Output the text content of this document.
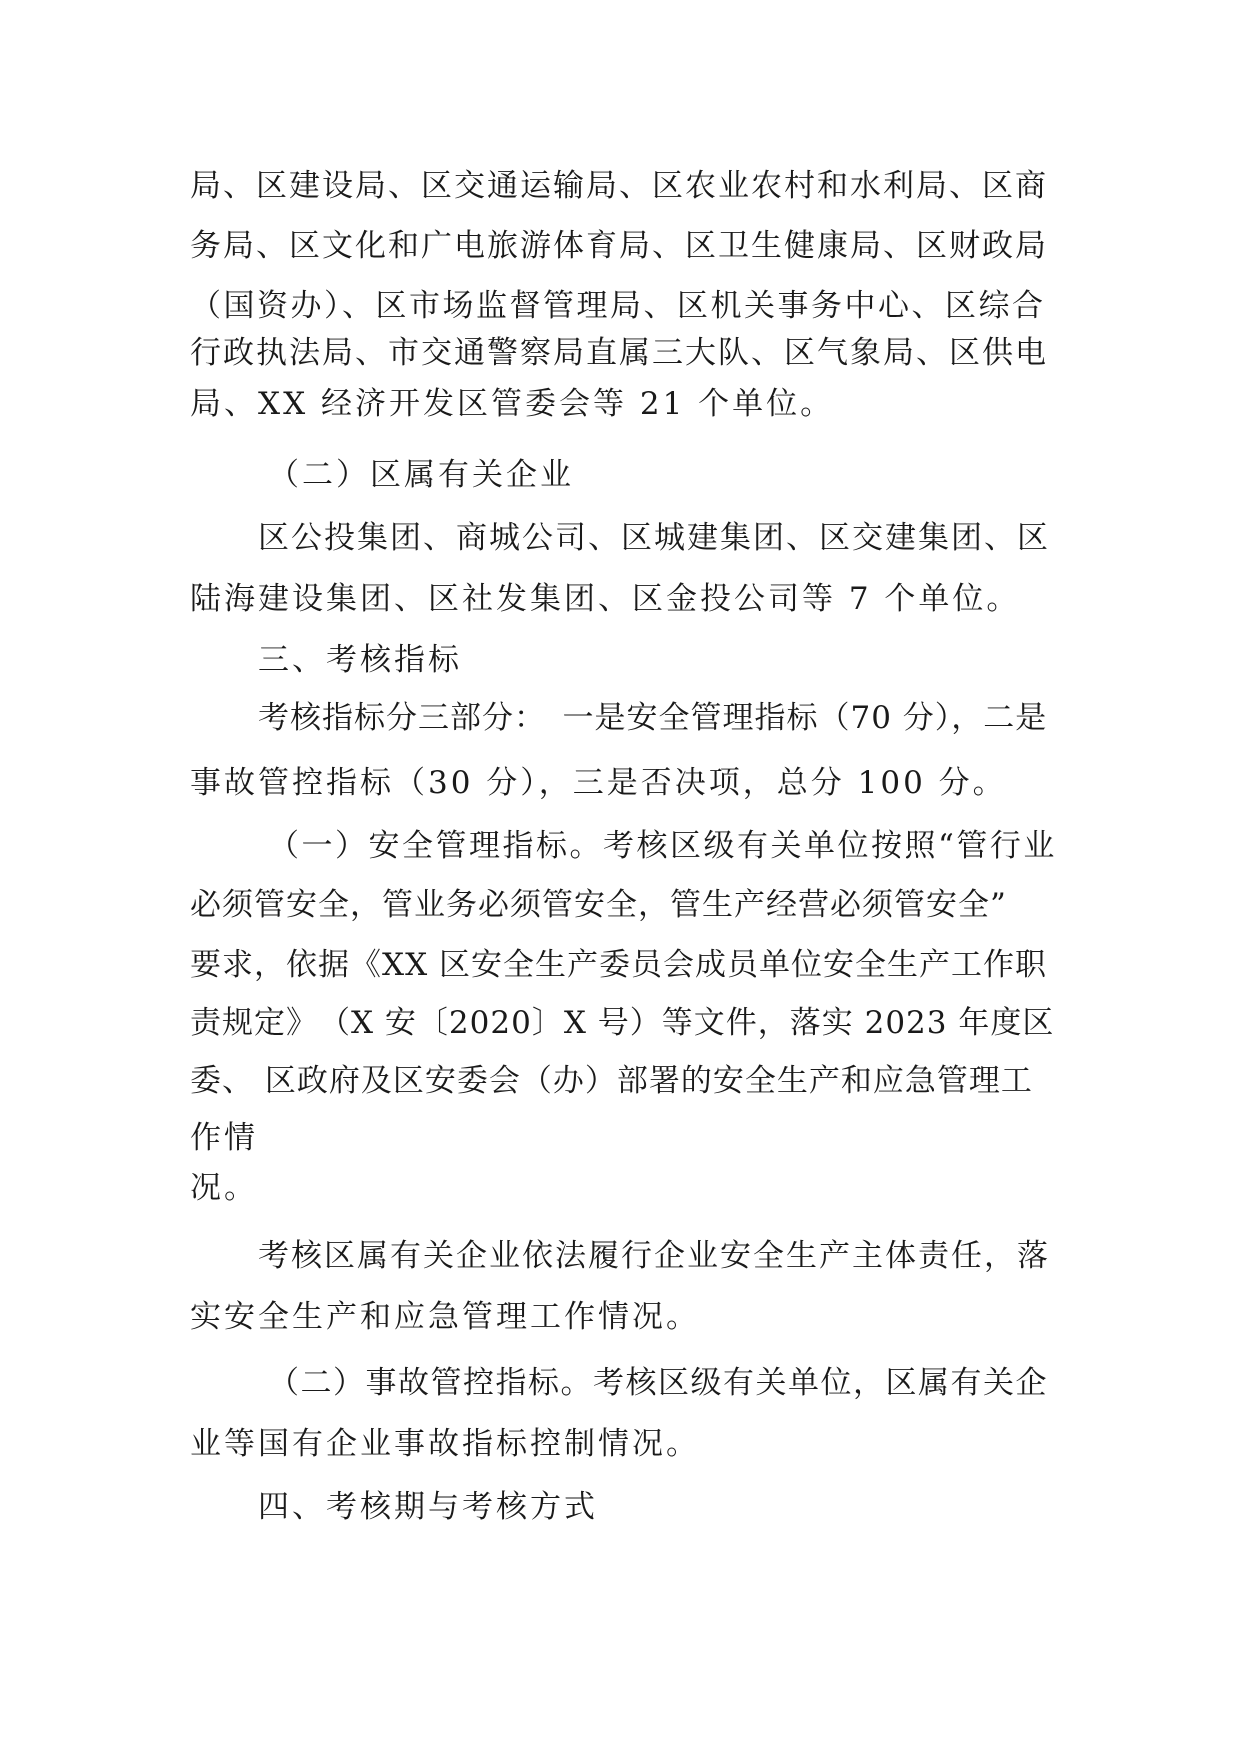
局、区建设局、区交通运输局、区农业农村和水利局、区商
务局、区文化和广电旅游体育局、区卫生健康局、区财政局
（国资办）、区市场监督管理局、区机关事务中心、区综合
行政执法局、市交通警察局直属三大队、区气象局、区供电
局、XX 经济开发区管委会等 21 个单位。
（二）区属有关企业
区公投集团、商城公司、区城建集团、区交建集团、区
陆海建设集团、区社发集团、区金投公司等 7 个单位。
三、考核指标
考核指标分三部分：　一是安全管理指标（70 分），二是
事故管控指标（30 分），三是否决项，总分 100 分。
（一）安全管理指标。考核区级有关单位按照“管行业
必须管安全，管业务必须管安全，管生产经营必须管安全”
要求，依据《XX 区安全生产委员会成员单位安全生产工作职
责规定》　（X 安〔2020〕X 号）等文件，落实 2023 年度区
委、 区政府及区安委会（办）部署的安全生产和应急管理工
作情
况。
考核区属有关企业依法履行企业安全生产主体责任，落
实安全生产和应急管理工作情况。
（二）事故管控指标。考核区级有关单位，区属有关企
业等国有企业事故指标控制情况。
四、考核期与考核方式
